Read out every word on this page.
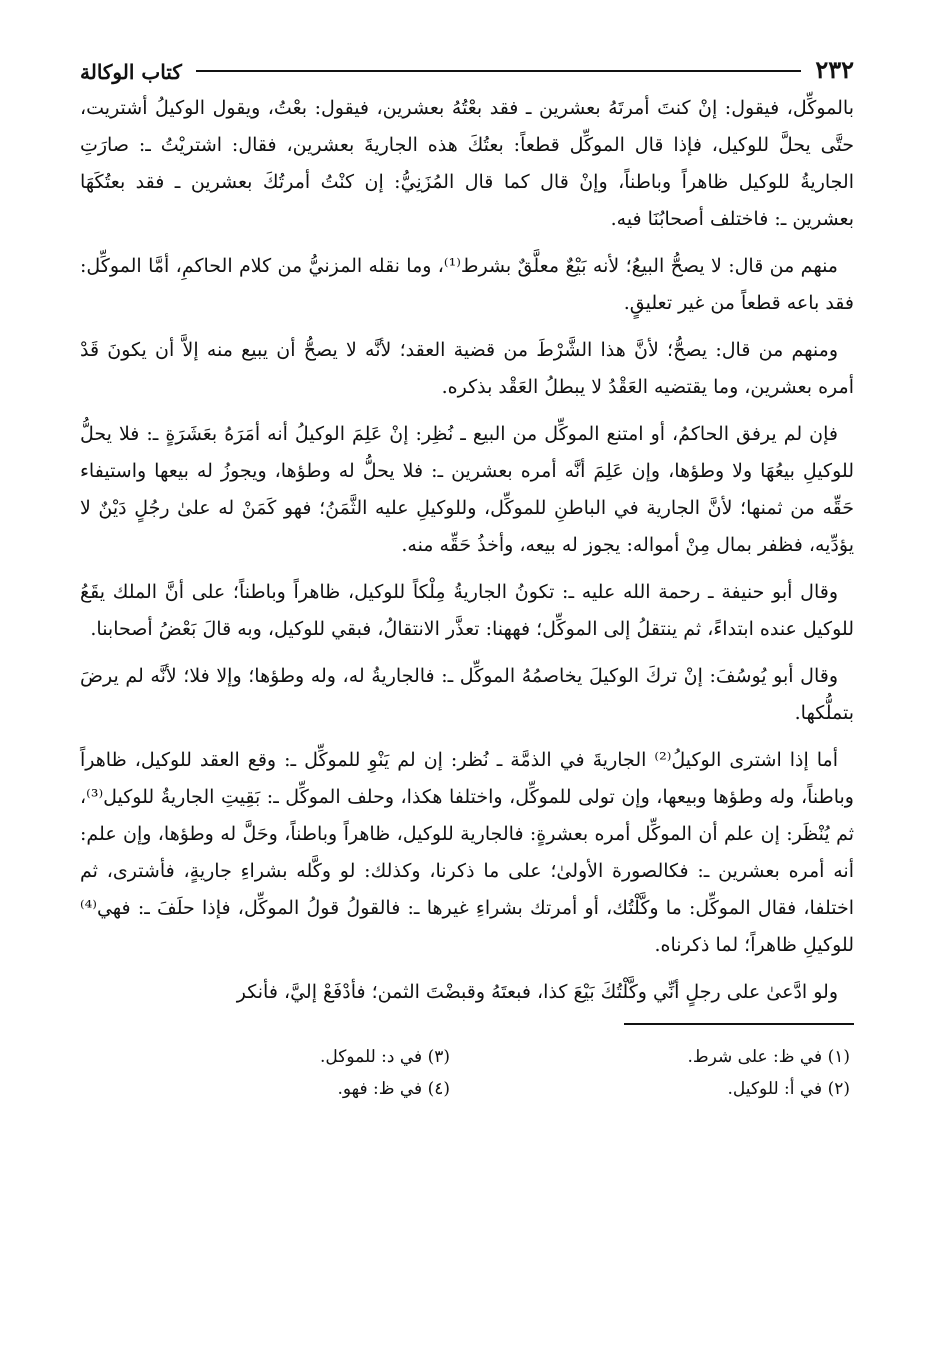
٢٣٢
كتاب الوكالة

بالموكِّل، فيقول: إنْ كنتَ أمرتَهُ بعشرين ـ فقد بعْتُهُ بعشرين، فيقول: بعْتُ، ويقول الوكيلُ أشتريت، حتَّى يحلَّ للوكيل، فإذا قال الموكِّل قطعاً: بعتُكَ هذه الجاريةَ بعشرين، فقال: اشتريْتُ ـ: صارَتِ الجاريةُ للوكيل ظاهراً وباطناً، وإنْ قال كما قال المُزَنِيُّ: إن كنْتُ أمرتُكَ بعشرين ـ فقد بعتُكَهَا بعشرين ـ: فاختلف أصحابُنَا فيه.

منهم من قال: لا يصحُّ البيعُ؛ لأنه بَيْعٌ معلَّقٌ بشرط⁽¹⁾، وما نقله المزنيُّ من كلام الحاكمِ، أمَّا الموكِّل: فقد باعه قطعاً من غير تعليقٍ.

ومنهم من قال: يصحُّ؛ لأنَّ هذا الشَّرْطَ من قضية العقد؛ لأنَّه لا يصحُّ أن يبيع منه إلاَّ أن يكونَ قَدْ أمره بعشرين، وما يقتضيه العَقْدُ لا يبطلُ العَقْد بذكره.

فإن لم يرفق الحاكمُ، أو امتنع الموكِّل من البيع ـ نُظِر: إنْ عَلِمَ الوكيلُ أنه أمَرَهُ بعَشَرَةٍ ـ: فلا يحلُّ للوكيلِ بيعُهَا ولا وطؤها، وإن عَلِمَ أنَّه أمره بعشرين ـ: فلا يحلُّ له وطؤها، ويجوزُ له بيعها واستيفاء حَقِّه من ثمنها؛ لأنَّ الجارية في الباطنِ للموكِّل، وللوكيلِ عليه الثَّمَنُ؛ فهو كَمَنْ له علىٰ رجُلٍ دَيْنٌ لا يؤدِّيه، فظفر بمال مِنْ أمواله: يجوز له بيعه، وأخذُ حَقِّه منه.

وقال أبو حنيفة ـ رحمة الله عليه ـ: تكونُ الجاريةُ مِلْكاً للوكيل، ظاهراً وباطناً؛ على أنَّ الملك يقَعُ للوكيل عنده ابتداءً، ثم ينتقلُ إلى الموكِّل؛ فههنا: تعذَّر الانتقالُ، فبقي للوكيل، وبه قالَ بَعْضُ أصحابنا.

وقال أبو يُوسُفَ: إنْ تركَ الوكيلَ يخاصمُهُ الموكِّل ـ: فالجاريةُ له، وله وطؤها؛ وإلا فلا؛ لأنَّه لم يرضَ بتملُّكها.

أما إذا اشترى الوكيلُ⁽²⁾ الجاريةَ في الذمَّة ـ نُظر: إن لم يَنْوِ للموكِّل ـ: وقع العقد للوكيل، ظاهراً وباطناً، وله وطؤها وبيعها، وإن تولى للموكِّل، واختلفا هكذا، وحلف الموكِّل ـ: بَقِيتِ الجاريةُ للوكيل⁽³⁾، ثم يُنْظَر: إن علم أن الموكِّل أمره بعشرةٍ: فالجارية للوكيل، ظاهراً وباطناً، وحَلَّ له وطؤها، وإن علم: أنه أمره بعشرين ـ: فكالصورة الأولىٰ؛ على ما ذكرنا، وكذلك: لو وكَّله بشراءِ جاريةٍ، فأشترى، ثم اختلفا، فقال الموكِّل: ما وكَّلْتُك، أو أمرتك بشراءِ غيرها ـ: فالقولُ قولُ الموكِّل، فإذا حلَفَ ـ: فهي⁽⁴⁾ للوكيلِ ظاهراً؛ لما ذكرناه.

ولو ادَّعىٰ على رجلٍ أنِّي وكَّلْتُكَ بَيْعَ كذا، فبعتَهُ وقبضْتَ الثمن؛ فأدْفَعْ إليَّ، فأنكر

(١) في ظ: على شرط.
(٣) في د: للموكل.
(٢) في أ: للوكيل.
(٤) في ظ: فهو.
